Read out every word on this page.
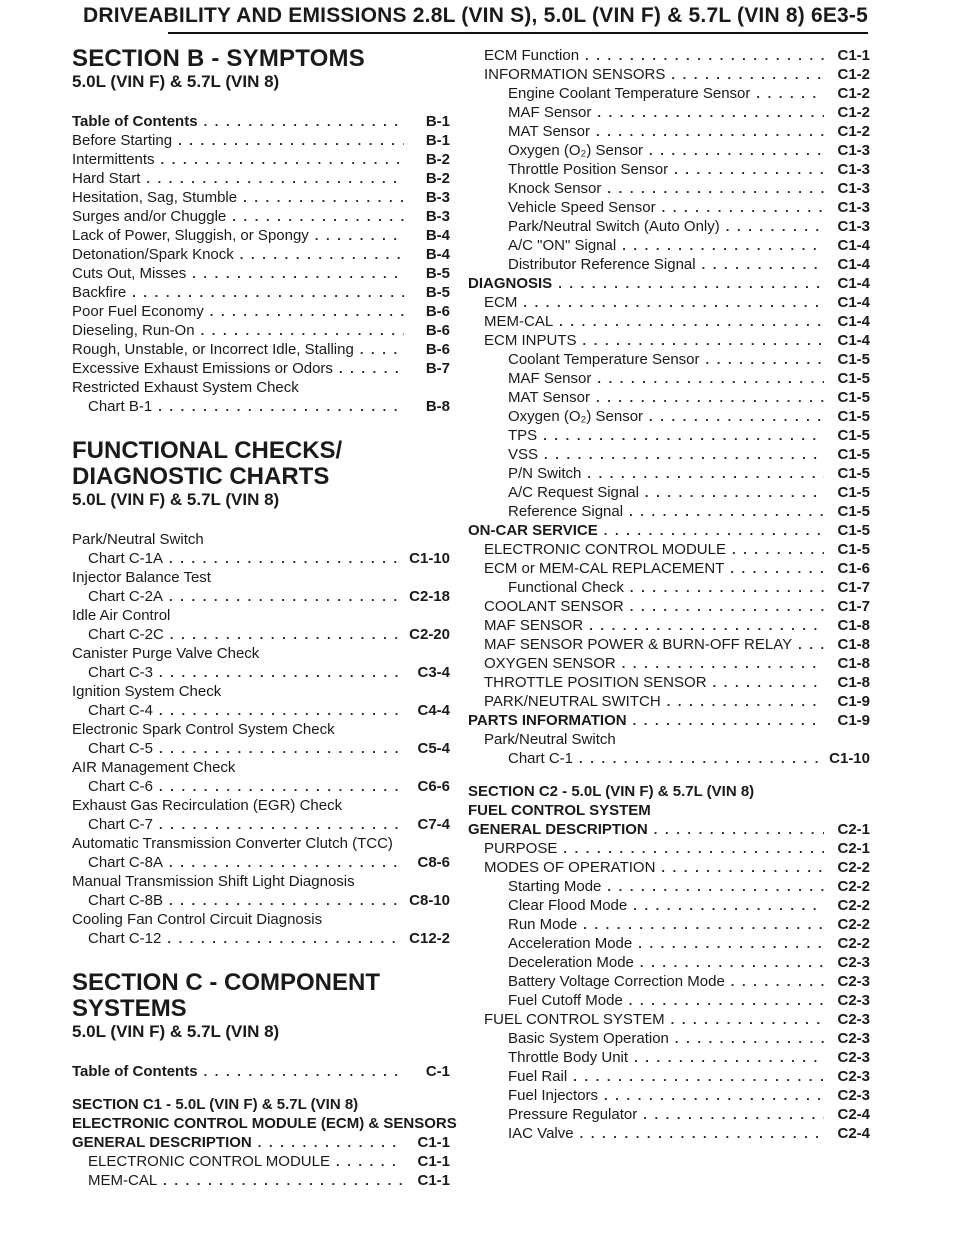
DRIVEABILITY AND EMISSIONS 2.8L (VIN S), 5.0L (VIN F) & 5.7L (VIN 8) 6E3-5
SECTION B - SYMPTOMS
5.0L (VIN F) & 5.7L (VIN 8)
Table of Contents . . .	B-1
Before Starting . . .	B-1
Intermittents . . .	B-2
Hard Start . . .	B-2
Hesitation, Sag, Stumble . . .	B-3
Surges and/or Chuggle . . .	B-3
Lack of Power, Sluggish, or Spongy . . .	B-4
Detonation/Spark Knock . . .	B-4
Cuts Out, Misses . . .	B-5
Backfire . . .	B-5
Poor Fuel Economy . . .	B-6
Dieseling, Run-On . . .	B-6
Rough, Unstable, or Incorrect Idle, Stalling . . .	B-6
Excessive Exhaust Emissions or Odors . . .	B-7
Restricted Exhaust System Check
Chart B-1 . . .	B-8
FUNCTIONAL CHECKS/
DIAGNOSTIC CHARTS
5.0L (VIN F) & 5.7L (VIN 8)
Park/Neutral Switch
Chart C-1A . . .	C1-10
Injector Balance Test
Chart C-2A . . .	C2-18
Idle Air Control
Chart C-2C . . .	C2-20
Canister Purge Valve Check
Chart C-3 . . .	C3-4
Ignition System Check
Chart C-4 . . .	C4-4
Electronic Spark Control System Check
Chart C-5 . . .	C5-4
AIR Management Check
Chart C-6 . . .	C6-6
Exhaust Gas Recirculation (EGR) Check
Chart C-7 . . .	C7-4
Automatic Transmission Converter Clutch (TCC)
Chart C-8A . . .	C8-6
Manual Transmission Shift Light Diagnosis
Chart C-8B . . .	C8-10
Cooling Fan Control Circuit Diagnosis
Chart C-12 . . .	C12-2
SECTION C - COMPONENT SYSTEMS
5.0L (VIN F) & 5.7L (VIN 8)
Table of Contents . . .	C-1
SECTION C1 - 5.0L (VIN F) & 5.7L (VIN 8)
ELECTRONIC CONTROL MODULE (ECM) & SENSORS
GENERAL DESCRIPTION . . .	C1-1
ELECTRONIC CONTROL MODULE . . .	C1-1
MEM-CAL . . .	C1-1
ECM Function . . .	C1-1
INFORMATION SENSORS . . .	C1-2
Engine Coolant Temperature Sensor . . .	C1-2
MAF Sensor . . .	C1-2
MAT Sensor . . .	C1-2
Oxygen (O₂) Sensor . . .	C1-3
Throttle Position Sensor . . .	C1-3
Knock Sensor . . .	C1-3
Vehicle Speed Sensor . . .	C1-3
Park/Neutral Switch (Auto Only) . . .	C1-3
A/C "ON" Signal . . .	C1-4
Distributor Reference Signal . . .	C1-4
DIAGNOSIS . . .	C1-4
ECM . . .	C1-4
MEM-CAL . . .	C1-4
ECM INPUTS . . .	C1-4
Coolant Temperature Sensor . . .	C1-5
MAF Sensor . . .	C1-5
MAT Sensor . . .	C1-5
Oxygen (O₂) Sensor . . .	C1-5
TPS . . .	C1-5
VSS . . .	C1-5
P/N Switch . . .	C1-5
A/C Request Signal . . .	C1-5
Reference Signal . . .	C1-5
ON-CAR SERVICE . . .	C1-5
ELECTRONIC CONTROL MODULE . . .	C1-5
ECM or MEM-CAL REPLACEMENT . . .	C1-6
Functional Check . . .	C1-7
COOLANT SENSOR . . .	C1-7
MAF SENSOR . . .	C1-8
MAF SENSOR POWER & BURN-OFF RELAY . . .	C1-8
OXYGEN SENSOR . . .	C1-8
THROTTLE POSITION SENSOR . . .	C1-8
PARK/NEUTRAL SWITCH . . .	C1-9
PARTS INFORMATION . . .	C1-9
Park/Neutral Switch
Chart C-1 . . .	C1-10
SECTION C2 - 5.0L (VIN F) & 5.7L (VIN 8)
FUEL CONTROL SYSTEM
GENERAL DESCRIPTION . . .	C2-1
PURPOSE . . .	C2-1
MODES OF OPERATION . . .	C2-2
Starting Mode . . .	C2-2
Clear Flood Mode . . .	C2-2
Run Mode . . .	C2-2
Acceleration Mode . . .	C2-2
Deceleration Mode . . .	C2-3
Battery Voltage Correction Mode . . .	C2-3
Fuel Cutoff Mode . . .	C2-3
FUEL CONTROL SYSTEM . . .	C2-3
Basic System Operation . . .	C2-3
Throttle Body Unit . . .	C2-3
Fuel Rail . . .	C2-3
Fuel Injectors . . .	C2-3
Pressure Regulator . . .	C2-4
IAC Valve . . .	C2-4
